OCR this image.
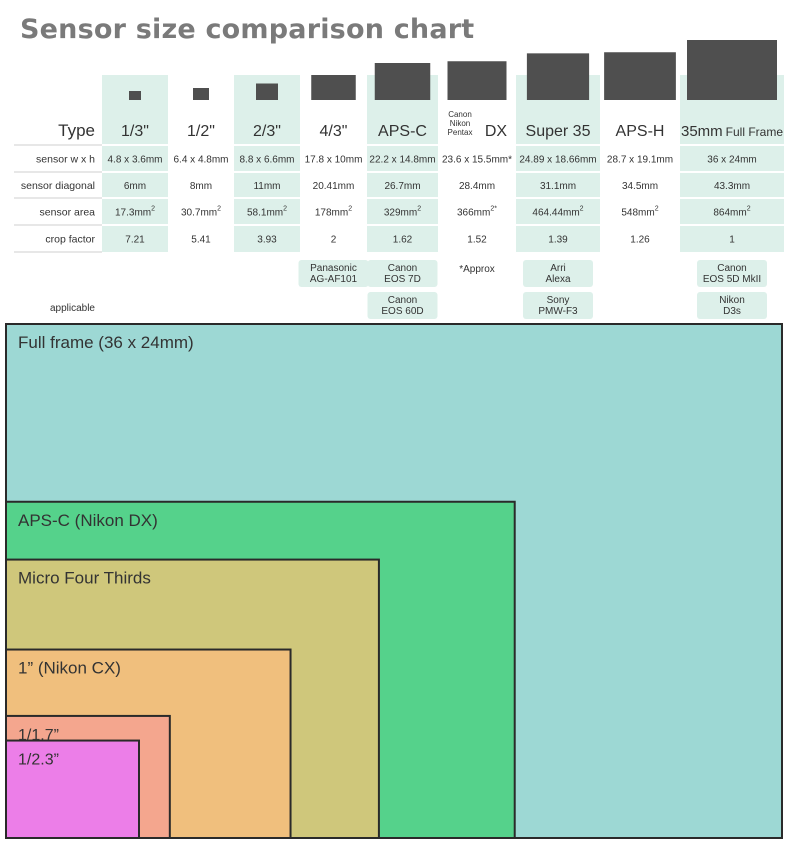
Sensor size comparison chart
Type 1/3" 1/2" 2/3" 4/3" APS-C
Canon
Nikon
Pentax DX Super 35 APS-H 35mm Full Frame
sensor w x h
sensor diagonal
sensor area
crop factor
4.8 x 3.6mm
6mm
$17.3mm^2$
7.21
6.4 x 4.8mm
8mm
$30.7mm^2$
5.41
8.8 x 6.6mm
11mm
$58.1mm^2$
3.93
17.8 x 10mm
20.41mm
$178mm^2$
2
22.2 x 14.8mm
26.7mm
$329mm^2$
1.62
23.6 x 15.5mm*
28.4mm
$366mm^{2*}$
1.52
24.89 x 18.66mm
31.1mm
$464.44mm^2$
1.39
28.7 x 19.1mm
34.5mm
$548mm^2$
1.26
36 x 24mm
43.3mm
$864mm^2$
1
applicable
Panasonic
AG-AF101
Canon
EOS 7D
Canon
EOS 60D
Arri
Alexa
Sony
PMW-F3
Canon
EOS 5D MkII
Nikon
D3s
*Approx
Full frame (36 x 24mm)
APS-C (Nikon DX)
Micro Four Thirds
1” (Nikon CX)
1/1.7”
1/2.3”
